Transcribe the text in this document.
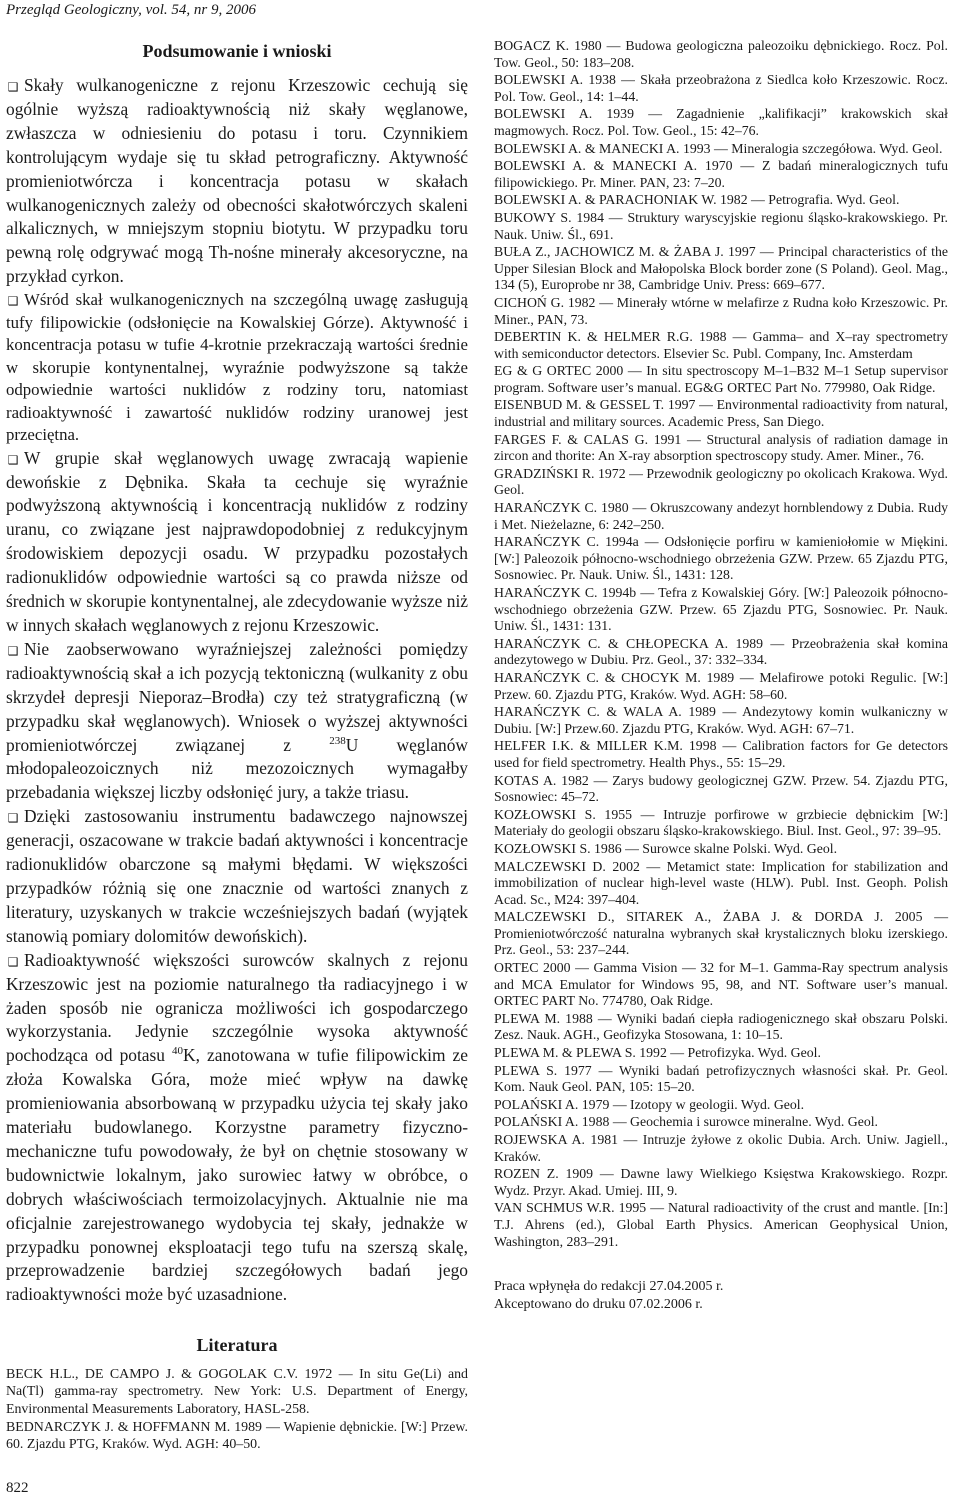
Przegląd Geologiczny, vol. 54, nr 9, 2006
Podsumowanie i wnioski

❑ Skały wulkanogeniczne z rejonu Krzeszowic cechują się ogólnie wyższą radioaktywnością niż skały węglanowe, zwłaszcza w odniesieniu do potasu i toru. Czynnikiem kontrolującym wydaje się tu skład petrograficzny. Aktywność promieniotwórcza i koncentracja potasu w skałach wulkanogenicznych zależy od obecności skałotwórczych skaleni alkalicznych, w mniejszym stopniu biotytu. W przypadku toru pewną rolę odgrywać mogą Th-nośne minerały akcesoryczne, na przykład cyrkon.

❑ Wśród skał wulkanogenicznych na szczególną uwagę zasługują tufy filipowickie (odsłonięcie na Kowalskiej Górze). Aktywność i koncentracja potasu w tufie 4-krotnie przekraczają wartości średnie w skorupie kontynentalnej, wyraźnie podwyższone są także odpowiednie wartości nuklidów z rodziny toru, natomiast radioaktywność i zawartość nuklidów rodziny uranowej jest przeciętna.

❑ W grupie skał węglanowych uwagę zwracają wapienie dewońskie z Dębnika. Skała ta cechuje się wyraźnie podwyższoną aktywnością i koncentracją nuklidów z rodziny uranu, co związane jest najprawdopodobniej z redukcyjnym środowiskiem depozycji osadu. W przypadku pozostałych radionuklidów odpowiednie wartości są co prawda niższe od średnich w skorupie kontynentalnej, ale zdecydowanie wyższe niż w innych skałach węglanowych z rejonu Krzeszowic.

❑ Nie zaobserwowano wyraźniejszej zależności pomiędzy radioaktywnością skał a ich pozycją tektoniczną (wulkanity z obu skrzydeł depresji Nieporaz–Brodła) czy też stratygraficzną (w przypadku skał węglanowych). Wniosek o wyższej aktywności promieniotwórczej związanej z $^{238}$U węglanów młodopaleozoicznych niż mezozoicznych wymagałby przebadania większej liczby odsłonięć jury, a także triasu.

❑ Dzięki zastosowaniu instrumentu badawczego najnowszej generacji, oszacowane w trakcie badań aktywności i koncentracje radionuklidów obarczone są małymi błędami. W większości przypadków różnią się one znacznie od wartości znanych z literatury, uzyskanych w trakcie wcześniejszych badań (wyjątek stanowią pomiary dolomitów dewońskich).

❑ Radioaktywność większości surowców skalnych z rejonu Krzeszowic jest na poziomie naturalnego tła radiacyjnego i w żaden sposób nie ogranicza możliwości ich gospodarczego wykorzystania. Jedynie szczególnie wysoka aktywność pochodząca od potasu $^{40}$K, zanotowana w tufie filipowickim ze złoża Kowalska Góra, może mieć wpływ na dawkę promieniowania absorbowaną w przypadku użycia tej skały jako materiału budowlanego. Korzystne parametry fizyczno-mechaniczne tufu powodowały, że był on chętnie stosowany w budownictwie lokalnym, jako surowiec łatwy w obróbce, o dobrych właściwościach termoizolacyjnych. Aktualnie nie ma oficjalnie zarejestrowanego wydobycia tej skały, jednakże w przypadku ponownej eksploatacji tego tufu na szerszą skalę, przeprowadzenie bardziej szczegółowych badań jego radioaktywności może być uzasadnione.

Literatura

BECK H.L., DE CAMPO J. & GOGOLAK C.V. 1972 — In situ Ge(Li) and Na(Tl) gamma-ray spectrometry. New York: U.S. Department of Energy, Environmental Measurements Laboratory, HASL-258.

BEDNARCZYK J. & HOFFMANN M. 1989 — Wapienie dębnickie. [W:] Przew. 60. Zjazdu PTG, Kraków. Wyd. AGH: 40–50.

BOGACZ K. 1980 — Budowa geologiczna paleozoiku dębnickiego. Rocz. Pol. Tow. Geol., 50: 183–208.

BOLEWSKI A. 1938 — Skała przeobrażona z Siedlca koło Krzeszowic. Rocz. Pol. Tow. Geol., 14: 1–44.

BOLEWSKI A. 1939 — Zagadnienie „kalifikacji” krakowskich skał magmowych. Rocz. Pol. Tow. Geol., 15: 42–76.

BOLEWSKI A. & MANECKI A. 1993 — Mineralogia szczegółowa. Wyd. Geol.

BOLEWSKI A. & MANECKI A. 1970 — Z badań mineralogicznych tufu filipowickiego. Pr. Miner. PAN, 23: 7–20.

BOLEWSKI A. & PARACHONIAK W. 1982 — Petrografia. Wyd. Geol.

BUKOWY S. 1984 — Struktury waryscyjskie regionu śląsko-krakowskiego. Pr. Nauk. Uniw. Śl., 691.

BUŁA Z., JACHOWICZ M. & ŻABA J. 1997 — Principal characteristics of the Upper Silesian Block and Małopolska Block border zone (S Poland). Geol. Mag., 134 (5), Europrobe nr 38, Cambridge Univ. Press: 669–677.

CICHOŃ G. 1982 — Minerały wtórne w melafirze z Rudna koło Krzeszowic. Pr. Miner., PAN, 73.

DEBERTIN K. & HELMER R.G. 1988 — Gamma– and X–ray spectrometry with semiconductor detectors. Elsevier Sc. Publ. Company, Inc. Amsterdam

EG & G ORTEC 2000 — In situ spectroscopy M–1–B32 M–1 Setup supervisor program. Software user’s manual. EG&G ORTEC Part No. 779980, Oak Ridge.

EISENBUD M. & GESSEL T. 1997 — Environmental radioactivity from natural, industrial and military sources. Academic Press, San Diego.

FARGES F. & CALAS G. 1991 — Structural analysis of radiation damage in zircon and thorite: An X-ray absorption spectroscopy study. Amer. Miner., 76.

GRADZIŃSKI R. 1972 — Przewodnik geologiczny po okolicach Krakowa. Wyd. Geol.

HARAŃCZYK C. 1980 — Okruszcowany andezyt hornblendowy z Dubia. Rudy i Met. Nieżelazne, 6: 242–250.

HARAŃCZYK C. 1994a — Odsłonięcie porfiru w kamieniołomie w Miękini. [W:] Paleozoik północno-wschodniego obrzeżenia GZW. Przew. 65 Zjazdu PTG, Sosnowiec. Pr. Nauk. Uniw. Śl., 1431: 128.

HARAŃCZYK C. 1994b — Tefra z Kowalskiej Góry. [W:] Paleozoik północno-wschodniego obrzeżenia GZW. Przew. 65 Zjazdu PTG, Sosnowiec. Pr. Nauk. Uniw. Śl., 1431: 131.

HARAŃCZYK C. & CHŁOPECKA A. 1989 — Przeobrażenia skał komina andezytowego w Dubiu. Prz. Geol., 37: 332–334.

HARAŃCZYK C. & CHOCYK M. 1989 — Melafirowe potoki Regulic. [W:] Przew. 60. Zjazdu PTG, Kraków. Wyd. AGH: 58–60.

HARAŃCZYK C. & WALA A. 1989 — Andezytowy komin wulkaniczny w Dubiu. [W:] Przew.60. Zjazdu PTG, Kraków. Wyd. AGH: 67–71.

HELFER I.K. & MILLER K.M. 1998 — Calibration factors for Ge detectors used for field spectrometry. Health Phys., 55: 15–29.

KOTAS A. 1982 — Zarys budowy geologicznej GZW. Przew. 54. Zjazdu PTG, Sosnowiec: 45–72.

KOZŁOWSKI S. 1955 — Intruzje porfirowe w grzbiecie dębnickim [W:] Materiały do geologii obszaru śląsko-krakowskiego. Biul. Inst. Geol., 97: 39–95.

KOZŁOWSKI S. 1986 — Surowce skalne Polski. Wyd. Geol.

MALCZEWSKI D. 2002 — Metamict state: Implication for stabilization and immobilization of nuclear high-level waste (HLW). Publ. Inst. Geoph. Polish Acad. Sc., M24: 397–404.

MALCZEWSKI D., SITAREK A., ŻABA J. & DORDA J. 2005 — Promieniotwórczość naturalna wybranych skał krystalicznych bloku izerskiego. Prz. Geol., 53: 237–244.

ORTEC 2000 — Gamma Vision — 32 for M–1. Gamma-Ray spectrum analysis and MCA Emulator for Windows 95, 98, and NT. Software user’s manual. ORTEC PART No. 774780, Oak Ridge.

PLEWA M. 1988 — Wyniki badań ciepła radiogenicznego skał obszaru Polski. Zesz. Nauk. AGH., Geofizyka Stosowana, 1: 10–15.

PLEWA M. & PLEWA S. 1992 — Petrofizyka. Wyd. Geol.

PLEWA S. 1977 — Wyniki badań petrofizycznych własności skał. Pr. Geol. Kom. Nauk Geol. PAN, 105: 15–20.

POLAŃSKI A. 1979 — Izotopy w geologii. Wyd. Geol.

POLAŃSKI A. 1988 — Geochemia i surowce mineralne. Wyd. Geol.

ROJEWSKA A. 1981 — Intruzje żyłowe z okolic Dubia. Arch. Uniw. Jagiell., Kraków.

ROZEN Z. 1909 — Dawne lawy Wielkiego Księstwa Krakowskiego. Rozpr. Wydz. Przyr. Akad. Umiej. III, 9.

VAN SCHMUS W.R. 1995 — Natural radioactivity of the crust and mantle. [In:] T.J. Ahrens (ed.), Global Earth Physics. American Geophysical Union, Washington, 283–291.

Praca wpłynęła do redakcji 27.04.2005 r.
Akceptowano do druku 07.02.2006 r.
822
